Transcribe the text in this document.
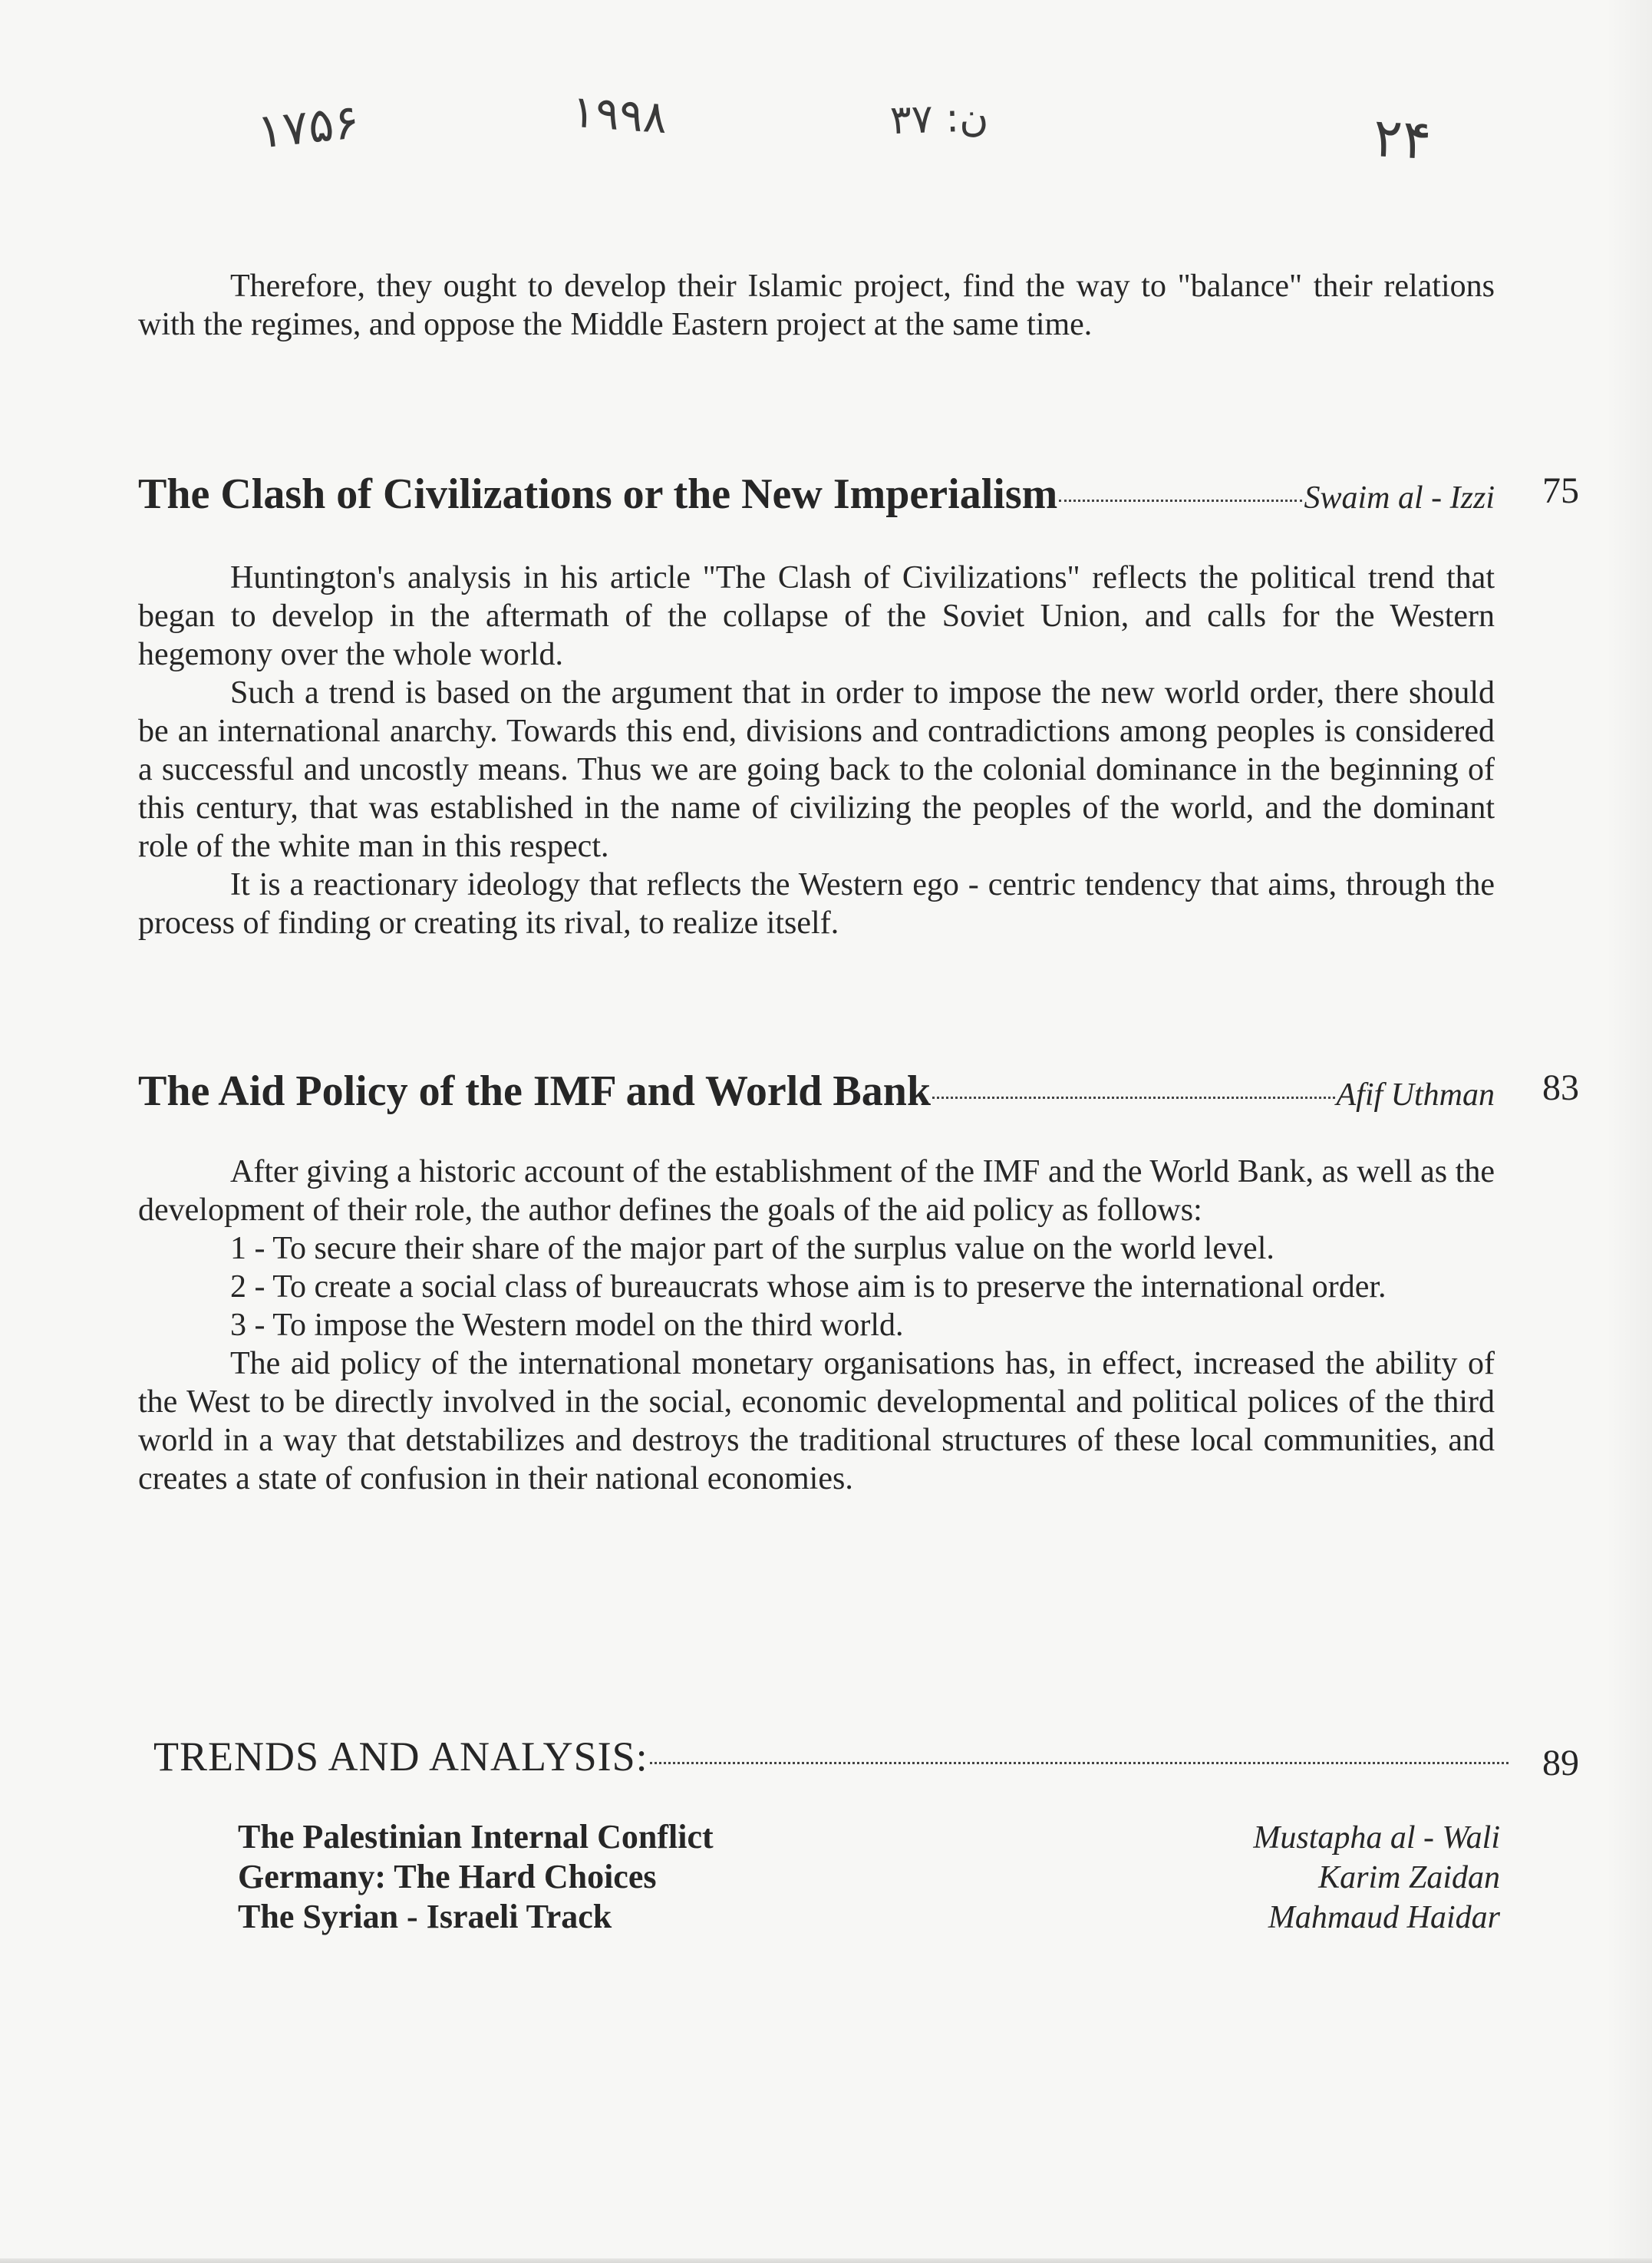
۱۷۵۶	۱۹۹۸	ن: ۳۷	۲۴

Therefore, they ought to develop their Islamic project, find the way to "balance" their relations with the regimes, and oppose the Middle Eastern project at the same time.

The Clash of Civilizations or the New Imperialism	Swaim al - Izzi 75

Huntington's analysis in his article "The Clash of Civilizations" reflects the political trend that began to develop in the aftermath of the collapse of the Soviet Union, and calls for the Western hegemony over the whole world.

Such a trend is based on the argument that in order to impose the new world order, there should be an international anarchy. Towards this end, divisions and contradictions among peoples is considered a successful and uncostly means. Thus we are going back to the colonial dominance in the beginning of this century, that was established in the name of civilizing the peoples of the world, and the dominant role of the white man in this respect.

It is a reactionary ideology that reflects the Western ego - centric tendency that aims, through the process of finding or creating its rival, to realize itself.

The Aid Policy of the IMF and World Bank	Afif Uthman 83

After giving a historic account of the establishment of the IMF and the World Bank, as well as the development of their role, the author defines the goals of the aid policy as follows:

1 - To secure their share of the major part of the surplus value on the world level.

2 - To create a social class of bureaucrats whose aim is to preserve the international order.

3 - To impose the Western model on the third world.

The aid policy of the international monetary organisations has, in effect, increased the ability of the West to be directly involved in the social, economic developmental and political polices of the third world in a way that detstabilizes and destroys the traditional structures of these local communities, and creates a state of confusion in their national economies.

TRENDS AND ANALYSIS:	89
The Palestinian Internal Conflict	Mustapha al - Wali
Germany: The Hard Choices	Karim Zaidan
The Syrian - Israeli Track	Mahmaud Haidar
